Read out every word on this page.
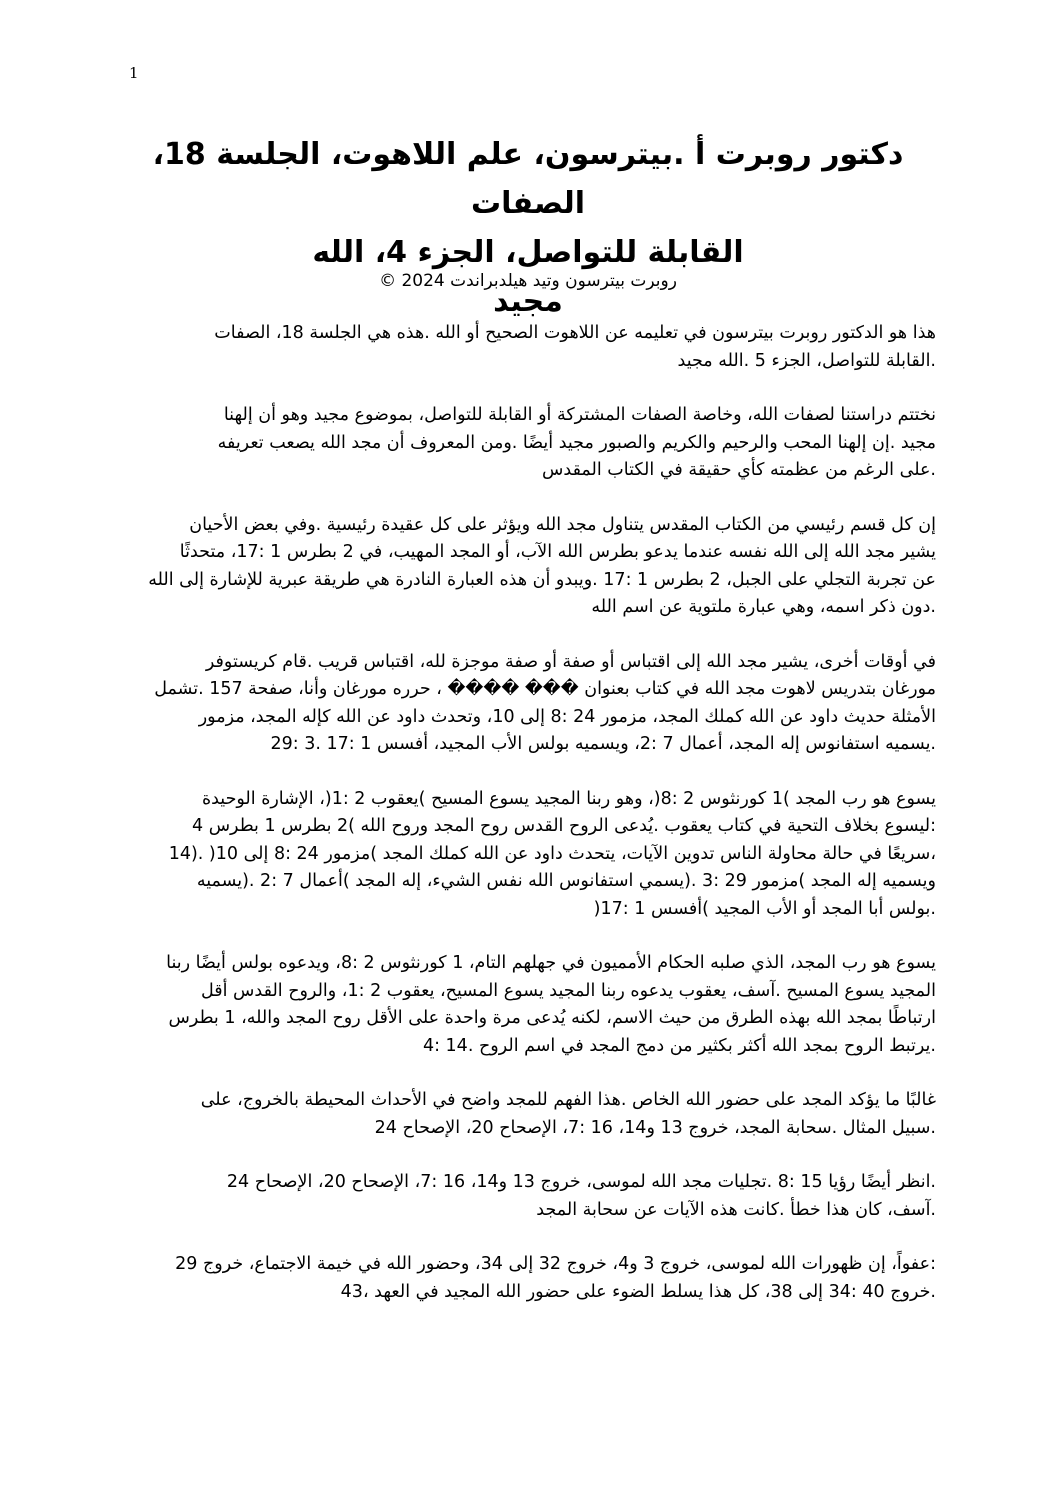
1
دكتور روبرت أ .بيترسون، علم اللاهوت، الجلسة 18، الصفات
القابلة للتواصل، الجزء 4، الله
مجيد

روبرت بيترسون وتيد هيلدبراندت 2024 ©

هذا هو الدكتور روبرت بيترسون في تعليمه عن اللاهوت الصحيح أو الله .هذه هي الجلسة 18، الصفات
.القابلة للتواصل، الجزء 5 .الله مجيد

نختتم دراستنا لصفات الله، وخاصة الصفات المشتركة أو القابلة للتواصل، بموضوع مجيد وهو أن إلهنا
مجيد .إن إلهنا المحب والرحيم والكريم والصبور مجيد أيضًا .ومن المعروف أن مجد الله يصعب تعريفه
.على الرغم من عظمته كأي حقيقة في الكتاب المقدس

إن كل قسم رئيسي من الكتاب المقدس يتناول مجد الله ويؤثر على كل عقيدة رئيسية .وفي بعض الأحيان
يشير مجد الله إلى الله نفسه عندما يدعو بطرس الله الآب، أو المجد المهيب، في 2 بطرس 1 :17، متحدثًا
عن تجربة التجلي على الجبل، 2 بطرس 1 :17 .ويبدو أن هذه العبارة النادرة هي طريقة عبرية للإشارة إلى الله
.دون ذكر اسمه، وهي عبارة ملتوية عن اسم الله

في أوقات أخرى، يشير مجد الله إلى اقتباس أو صفة أو صفة موجزة لله، اقتباس قريب .قام كريستوفر
مورغان بتدريس لاهوت مجد الله في كتاب بعنوان ��� ���� ، حرره مورغان وأنا، صفحة 157 .تشمل
الأمثلة حديث داود عن الله كملك المجد، مزمور 24 :8 إلى 10، وتحدث داود عن الله كإله المجد، مزمور
.يسميه استفانوس إله المجد، أعمال 7 :2، ويسميه بولس الأب المجيد، أفسس 1 :17 .3 :29

يسوع هو رب المجد )1 كورنثوس 2 :8(، وهو ربنا المجيد يسوع المسيح )يعقوب 2 :1(، الإشارة الوحيدة
:ليسوع بخلاف التحية في كتاب يعقوب .يُدعى الروح القدس روح المجد وروح الله )2 بطرس 1 بطرس 4
،سريعًا في حالة محاولة الناس تدوين الآيات، يتحدث داود عن الله كملك المجد )مزمور 24 :8 إلى 10( .(14
ويسميه إله المجد )مزمور 29 :3 .(يسمي استفانوس الله نفس الشيء، إله المجد )أعمال 7 :2 .(يسميه
.بولس أبا المجد أو الأب المجيد )أفسس 1 :17(

يسوع هو رب المجد، الذي صلبه الحكام الأمميون في جهلهم التام، 1 كورنثوس 2 :8، ويدعوه بولس أيضًا ربنا
المجيد يسوع المسيح .آسف، يعقوب يدعوه ربنا المجيد يسوع المسيح، يعقوب 2 :1، والروح القدس أقل
ارتباطًا بمجد الله بهذه الطرق من حيث الاسم، لكنه يُدعى مرة واحدة على الأقل روح المجد والله، 1 بطرس
.يرتبط الروح بمجد الله أكثر بكثير من دمج المجد في اسم الروح .14 :4

غالبًا ما يؤكد المجد على حضور الله الخاص .هذا الفهم للمجد واضح في الأحداث المحيطة بالخروج، على
.سبيل المثال .سحابة المجد، خروج 13 و14، 16 :7، الإصحاح 20، الإصحاح 24

.انظر أيضًا رؤيا 15 :8 .تجليات مجد الله لموسى، خروج 13 و14، 16 :7، الإصحاح 20، الإصحاح 24
.آسف، كان هذا خطأ .كانت هذه الآيات عن سحابة المجد

:عفواً، إن ظهورات الله لموسى، خروج 3 و4، خروج 32 إلى 34، وحضور الله في خيمة الاجتماع، خروج 29
.خروج 40 :34 إلى 38، كل هذا يسلط الضوء على حضور الله المجيد في العهد ،43
